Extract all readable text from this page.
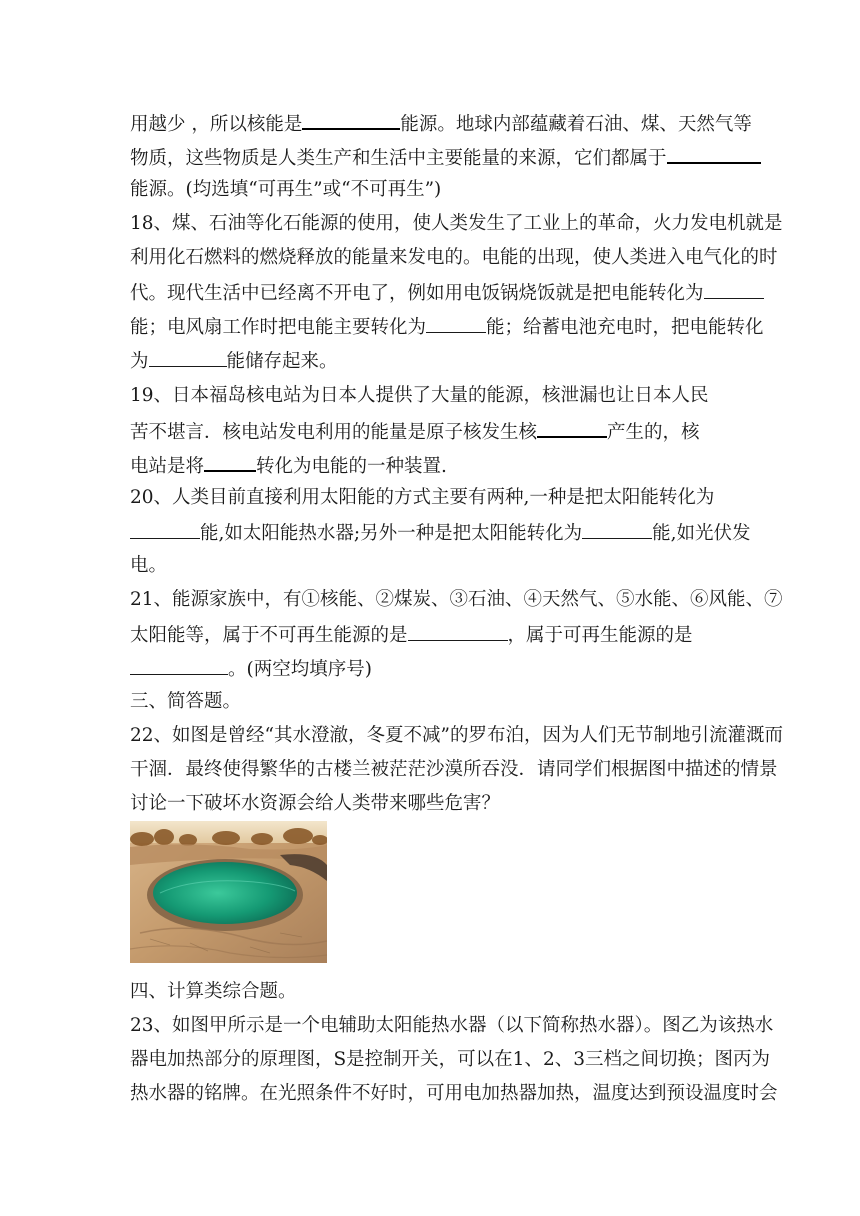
用越少 ，所以核能是	能源。地球内部蕴藏着石油、煤、天然气等
物质，这些物质是人类生产和生活中主要能量的来源，它们都属于
能源。(均选填“可再生”或“不可再生”)
18、煤、石油等化石能源的使用，使人类发生了工业上的革命，火力发电机就是
利用化石燃料的燃烧释放的能量来发电的。电能的出现，使人类进入电气化的时
代。现代生活中已经离不开电了，例如用电饭锅烧饭就是把电能转化为
能；电风扇工作时把电能主要转化为	能；给蓄电池充电时，把电能转化
为	能储存起来。
19、日本福岛核电站为日本人提供了大量的能源，核泄漏也让日本人民
苦不堪言．核电站发电利用的能量是原子核发生核	产生的，核
电站是将	转化为电能的一种装置.
20、人类目前直接利用太阳能的方式主要有两种,一种是把太阳能转化为
能,如太阳能热水器;另外一种是把太阳能转化为	能,如光伏发
电。
21、能源家族中，有①核能、②煤炭、③石油、④天然气、⑤水能、⑥风能、⑦
太阳能等，属于不可再生能源的是	，属于可再生能源的是
。(两空均填序号)
三、简答题。
22、如图是曾经“其水澄澈，冬夏不减”的罗布泊，因为人们无节制地引流灌溉而
干涸．最终使得繁华的古楼兰被茫茫沙漠所吞没．请同学们根据图中描述的情景
讨论一下破坏水资源会给人类带来哪些危害？
四、计算类综合题。
23、如图甲所示是一个电辅助太阳能热水器（以下简称热水器）。图乙为该热水
器电加热部分的原理图，S是控制开关，可以在1、2、3三档之间切换；图丙为
热水器的铭牌。在光照条件不好时，可用电加热器加热，温度达到预设温度时会
